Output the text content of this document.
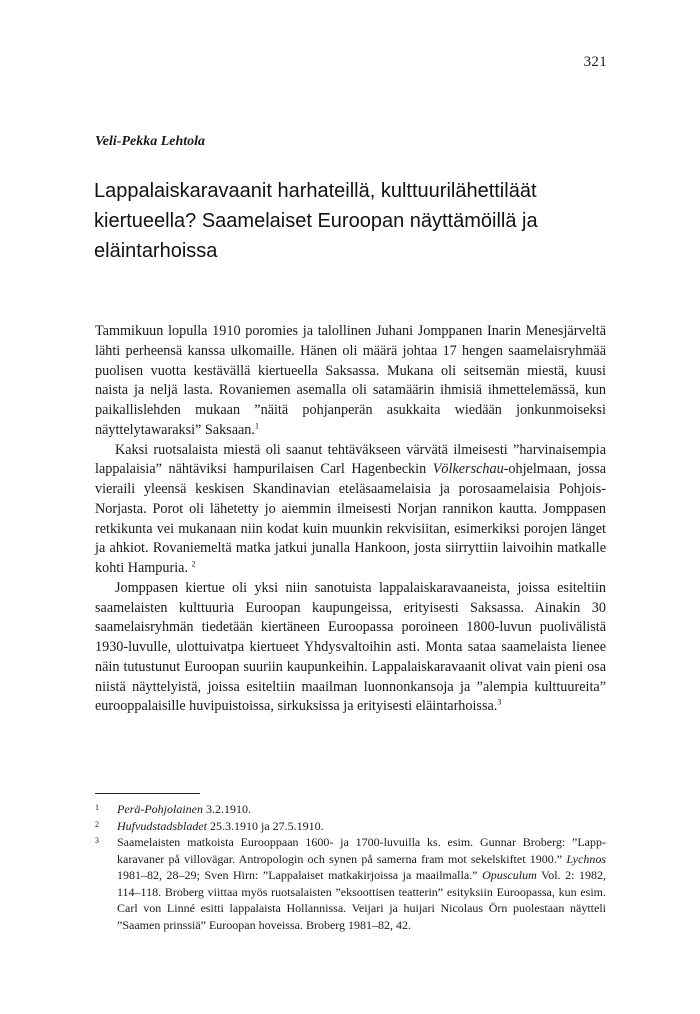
321
Veli-Pekka Lehtola
Lappalaiskaravaanit harhateillä, kulttuurilähettiläät kiertueella? Saamelaiset Euroopan näyttämöillä ja eläintarhoissa

Tammikuun lopulla 1910 poromies ja talollinen Juhani Jomppanen Inarin Menesjärveltä lähti perheensä kanssa ulkomaille. Hänen oli määrä johtaa 17 hengen saamelaisryhmää puolisen vuotta kestävällä kiertueella Saksassa. Mukana oli seitsemän miestä, kuusi naista ja neljä lasta. Rovaniemen asemalla oli satamäärin ihmisiä ihmettelemässä, kun paikallislehden mukaan ”näitä pohjanperän asukkaita wiedään jonkunmoiseksi näyttelytawaraksi” Saksaan.$^1$

Kaksi ruotsalaista miestä oli saanut tehtäväkseen värvätä ilmeisesti ”harvinaisempia lappalaisia” nähtäviksi hampurilaisen Carl Hagenbeckin Völkerschau-ohjelmaan, jossa vieraili yleensä keskisen Skandinavian eteläsaamelaisia ja porosaamelaisia Pohjois-Norjasta. Porot oli lähetetty jo aiemmin ilmeisesti Norjan rannikon kautta. Jomppasen retkikunta vei mukanaan niin kodat kuin muunkin rekvisiitan, esimerkiksi porojen länget ja ahkiot. Rovaniemeltä matka jatkui junalla Hankoon, josta siirryttiin laivoihin matkalle kohti Hampuria. $^2$

Jomppasen kiertue oli yksi niin sanotuista lappalaiskaravaaneista, joissa esiteltiin saamelaisten kulttuuria Euroopan kaupungeissa, erityisesti Saksassa. Ainakin 30 saamelaisryhmän tiedetään kiertäneen Euroopassa poroineen 1800-luvun puolivälistä 1930-luvulle, ulottuivatpa kiertueet Yhdysvaltoihin asti. Monta sataa saamelaista lienee näin tutustunut Euroopan suuriin kaupunkeihin. Lappalaiskaravaanit olivat vain pieni osa niistä näyttelyistä, joissa esiteltiin maailman luonnonkansoja ja ”alempia kulttuureita” eurooppalaisille huvipuistoissa, sirkuksissa ja erityisesti eläintarhoissa.$^3$

1	Perä-Pohjolainen 3.2.1910.
2	Hufvudstadsbladet 25.3.1910 ja 27.5.1910.
3	Saamelaisten matkoista Eurooppaan 1600- ja 1700-luvuilla ks. esim. Gunnar Broberg: ”Lappkaravaner på villovägar. Antropologin och synen på samerna fram mot sekelskiftet 1900.” Lychnos 1981–82, 28–29; Sven Hirn: ”Lappalaiset matkakirjoissa ja maailmalla.” Opusculum Vol. 2: 1982, 114–118. Broberg viittaa myös ruotsalaisten ”eksoottisen teatterin” esityksiin Euroopassa, kun esim. Carl von Linné esitti lappalaista Hollannissa. Veijari ja huijari Nicolaus Örn puolestaan näytteli ”Saamen prinssiä” Euroopan hoveissa. Broberg 1981–82, 42.
